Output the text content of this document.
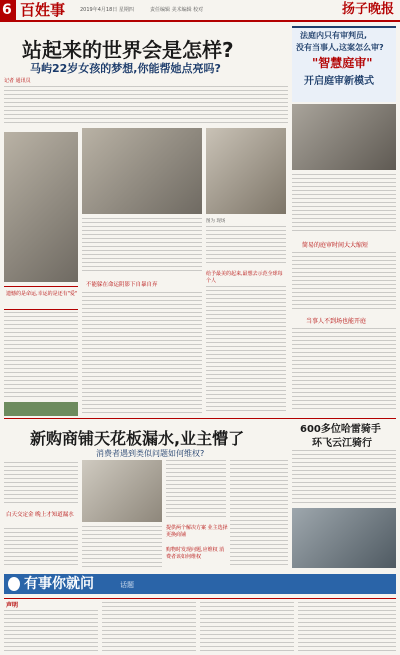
6 百姓事	2019年4月18日 星期四	责任编辑 美术编辑 校对	扬子晚报
站起来的世界会是怎样?
马屿22岁女孩的梦想,你能帮她点亮吗?
记者 通讯员
遗憾的是命运,幸运的是还有"爱"
不能躲在命运阴影下自暴自弃
图为 现场
给予最美的起来,最想去示范全球每个人
法庭内只有审判员,
没有当事人,这案怎么审?
"智慧庭审"
开启庭审新模式
简易的庭审时间大大缩短
当事人不到场也能开庭
新购商铺天花板漏水,业主懵了
消费者遇到类似问题如何维权?
白天交定金 晚上才知道漏水
提供两个解决方案 业主选择更换商铺
购物时发现问题,应维权 消费者该如何维权
600多位哈雷骑手
环飞云江骑行
有事你就问	话题
声明
